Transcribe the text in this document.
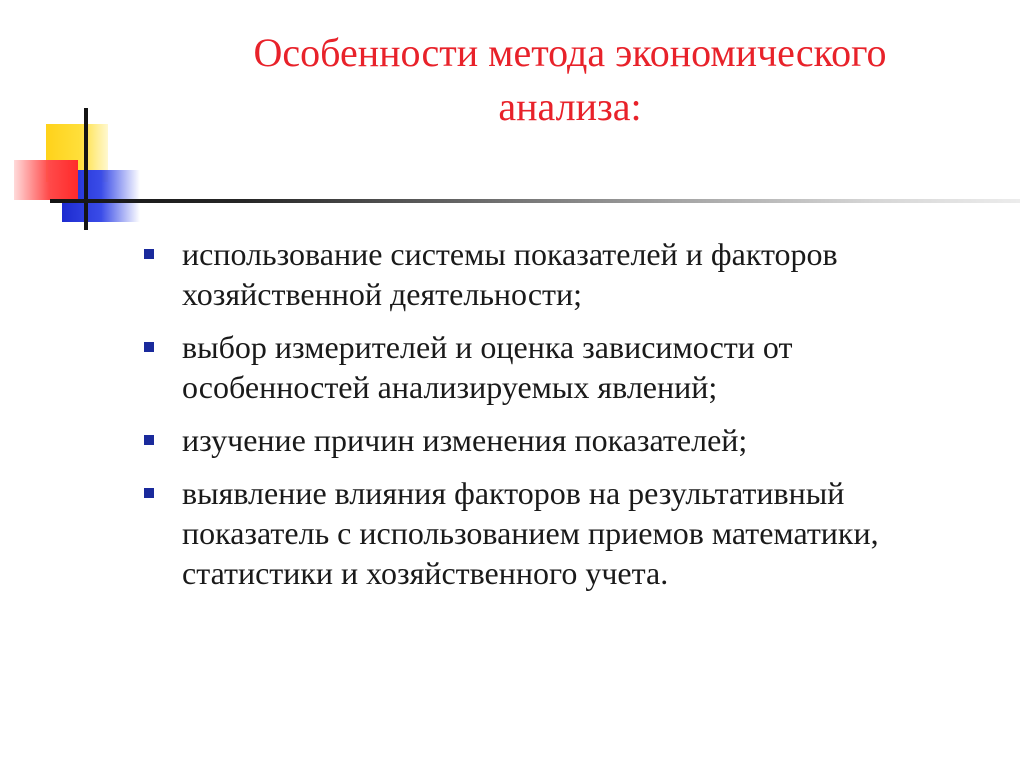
Особенности метода экономического
анализа:
использование системы показателей и факторов хозяйственной деятельности;
выбор измерителей и оценка зависимости от особенностей анализируемых явлений;
изучение причин изменения показателей;
выявление влияния факторов на результативный показатель с использованием приемов математики, статистики и хозяйственного учета.
